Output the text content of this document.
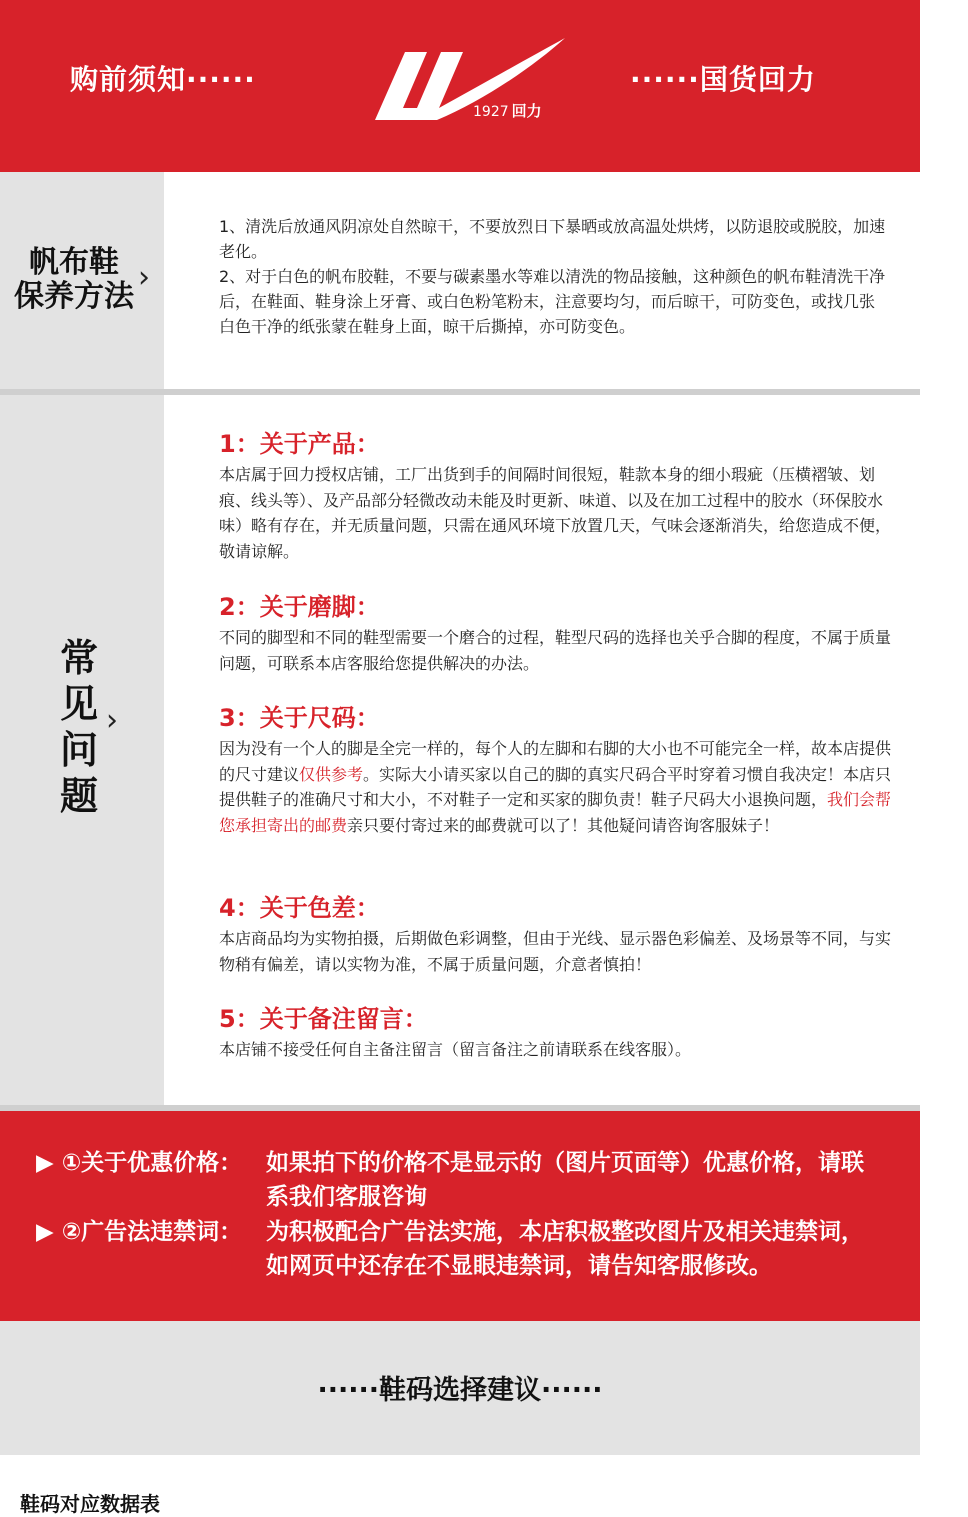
购前须知······
1927 回力
······国货回力
帆布鞋
保养方法
›
1、清洗后放通风阴凉处自然晾干，不要放烈日下暴晒或放高温处烘烤，以防退胶或脱胶，加速老化。
2、对于白色的帆布胶鞋，不要与碳素墨水等难以清洗的物品接触，这种颜色的帆布鞋清洗干净后，在鞋面、鞋身涂上牙膏、或白色粉笔粉末，注意要均匀，而后晾干，可防变色，或找几张白色干净的纸张蒙在鞋身上面，晾干后撕掉，亦可防变色。
常
见
问
题
›

1：关于产品：

本店属于回力授权店铺，工厂出货到手的间隔时间很短，鞋款本身的细小瑕疵（压横褶皱、划痕、线头等）、及产品部分轻微改动未能及时更新、味道、以及在加工过程中的胶水（环保胶水味）略有存在，并无质量问题，只需在通风环境下放置几天，气味会逐渐消失，给您造成不便，敬请谅解。

2：关于磨脚：

不同的脚型和不同的鞋型需要一个磨合的过程，鞋型尺码的选择也关乎合脚的程度，不属于质量问题，可联系本店客服给您提供解决的办法。

3：关于尺码：

因为没有一个人的脚是全完一样的，每个人的左脚和右脚的大小也不可能完全一样，故本店提供的尺寸建议仅供参考。实际大小请买家以自己的脚的真实尺码合平时穿着习惯自我决定！本店只提供鞋子的准确尺寸和大小，不对鞋子一定和买家的脚负责！鞋子尺码大小退换问题，我们会帮您承担寄出的邮费亲只要付寄过来的邮费就可以了！其他疑问请咨询客服妹子！

4：关于色差：

本店商品均为实物拍摄，后期做色彩调整，但由于光线、显示器色彩偏差、及场景等不同，与实物稍有偏差，请以实物为准，不属于质量问题，介意者慎拍！

5：关于备注留言：

本店铺不接受任何自主备注留言（留言备注之前请联系在线客服）。

▶ ①关于优惠价格： 如果拍下的价格不是显示的（图片页面等）优惠价格，请联系我们客服咨询
▶ ②广告法违禁词： 为积极配合广告法实施，本店积极整改图片及相关违禁词，如网页中还存在不显眼违禁词，请告知客服修改。
······鞋码选择建议······
鞋码对应数据表
